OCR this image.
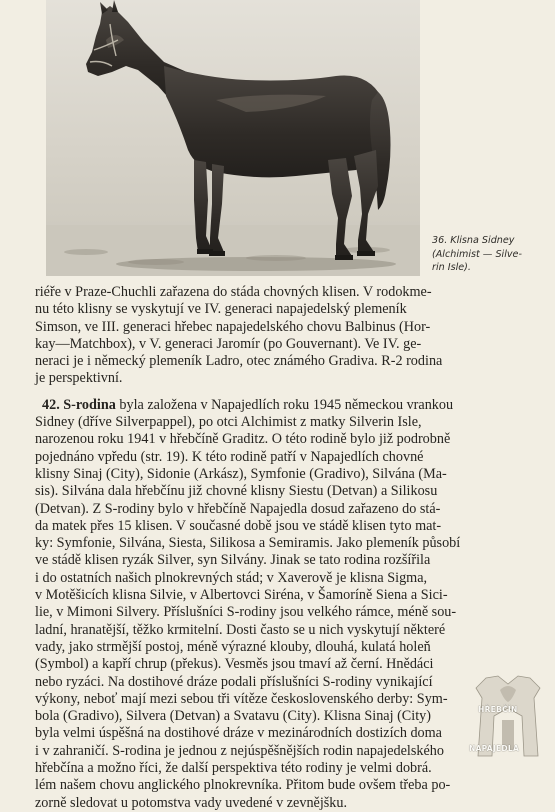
36. Klisna Sidney
(Alchimist — Silve-
rin Isle).

riéře v Praze-Chuchli zařazena do stáda chovných klisen. V rodokme-
nu této klisny se vyskytují ve IV. generaci napajedelský plemeník
Simson, ve III. generaci hřebec napajedelského chovu Balbinus (Hor-
kay—Matchbox), v V. generaci Jaromír (po Gouvernant). Ve IV. ge-
neraci je i německý plemeník Ladro, otec známého Gradiva. R-2 rodina
je perspektivní.

42. S-rodina byla založena v Napajedlích roku 1945 německou vrankou
Sidney (dříve Silverpappel), po otci Alchimist z matky Silverin Isle,
narozenou roku 1941 v hřebčíně Graditz. O této rodině bylo již podrobně
pojednáno vpředu (str. 19). K této rodině patří v Napajedlích chovné
klisny Sinaj (City), Sidonie (Arkász), Symfonie (Gradivo), Silvána (Ma-
sis). Silvána dala hřebčínu již chovné klisny Siestu (Detvan) a Silikosu
(Detvan). Z S-rodiny bylo v hřebčíně Napajedla dosud zařazeno do stá-
da matek přes 15 klisen. V současné době jsou ve stádě klisen tyto mat-
ky: Symfonie, Silvána, Siesta, Silikosa a Semiramis. Jako plemeník působí
ve stádě klisen ryzák Silver, syn Silvány. Jinak se tato rodina rozšířila
i do ostatních našich plnokrevných stád; v Xaverově je klisna Sigma,
v Motěšicích klisna Silvie, v Albertovci Siréna, v Šamoríně Siena a Sici-
lie, v Mimoni Silvery. Příslušníci S-rodiny jsou velkého rámce, méně sou-
ladní, hranatější, těžko krmitelní. Dosti často se u nich vyskytují některé
vady, jako strmější postoj, méně výrazné klouby, dlouhá, kulatá holeň
(Symbol) a kapří chrup (překus). Vesměs jsou tmaví až černí. Hnědáci
nebo ryzáci. Na dostihové dráze podali příslušníci S-rodiny vynikající
výkony, neboť mají mezi sebou tři vítěze československého derby: Sym-
bola (Gradivo), Silvera (Detvan) a Svatavu (City). Klisna Sinaj (City)
byla velmi úspěšná na dostihové dráze v mezinárodních dostizích doma
i v zahraničí. S-rodina je jednou z nejúspěšnějších rodin napajedelského
hřebčína a možno říci, že další perspektiva této rodiny je velmi dobrá.
lém našem chovu anglického plnokrevníka. Přitom bude ovšem třeba po-
zorně sledovat u potomstva vady uvedené v zevnějšku.

HŘEBČÍN
NAPAJEDLA
